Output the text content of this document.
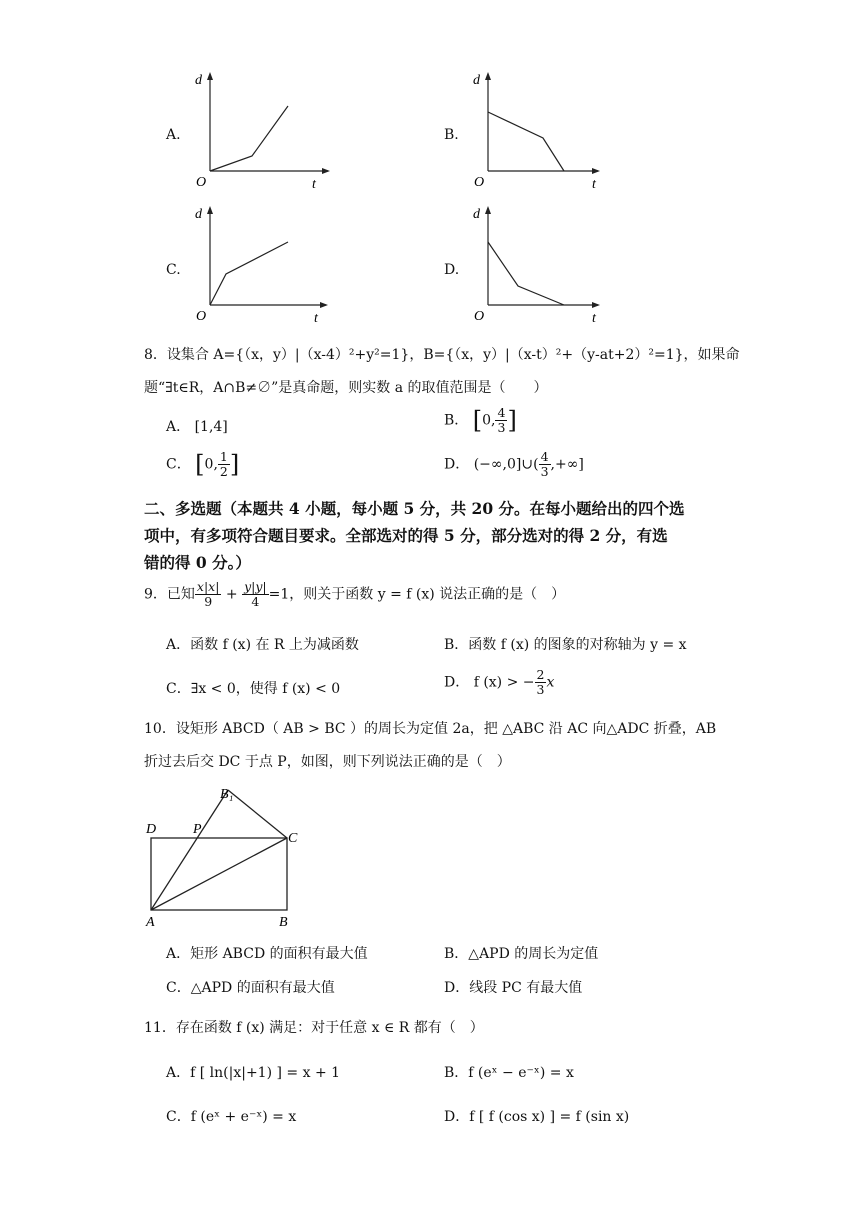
A.	B.
C.	D.
d
t
O
d
t
O
d
t
O
d
t
O
8．设集合 A={（x，y）|（x-4）²+y²=1}，B={（x，y）|（x-t）²+（y-at+2）²=1}，如果命
题“∃t∈R，A∩B≠∅”是真命题，则实数 a 的取值范围是（　　）
A． [1,4]	B． [0, $\frac{4}{3}$ ]
C． [0, $\frac{1}{2}$ ]	D． (−∞,0]∪( $\frac{4}{3}$ ,+∞]
二、多选题（本题共 4 小题，每小题 5 分，共 20 分。在每小题给出的四个选
项中，有多项符合题目要求。全部选对的得 5 分，部分选对的得 2 分，有选
错的得 0 分。）
9．已知 $\frac{x|x|}{9} + \frac{y|y|}{4} =1$，则关于函数 y = f (x) 说法正确的是（　）
A．函数 f (x) 在 R 上为减函数	B．函数 f (x) 的图象的对称轴为 y = x
C．∃x < 0，使得 f (x) < 0	D． f (x) > − $\frac{2}{3}$ x
10．设矩形 ABCD（ AB > BC ）的周长为定值 2a，把 △ABC 沿 AC 向△ADC 折叠，AB
折过去后交 DC 于点 P，如图，则下列说法正确的是（　）
B₁
D	P
C
A	B
A．矩形 ABCD 的面积有最大值	B．△APD 的周长为定值
C．△APD 的面积有最大值	D．线段 PC 有最大值
11．存在函数 f (x) 满足：对于任意 x ∈ R 都有（　）
A．f [ ln(|x|+1) ] = x + 1	B．f (eˣ − e⁻ˣ) = x
C．f (eˣ + e⁻ˣ) = x	D．f [ f (cos x) ] = f (sin x)
